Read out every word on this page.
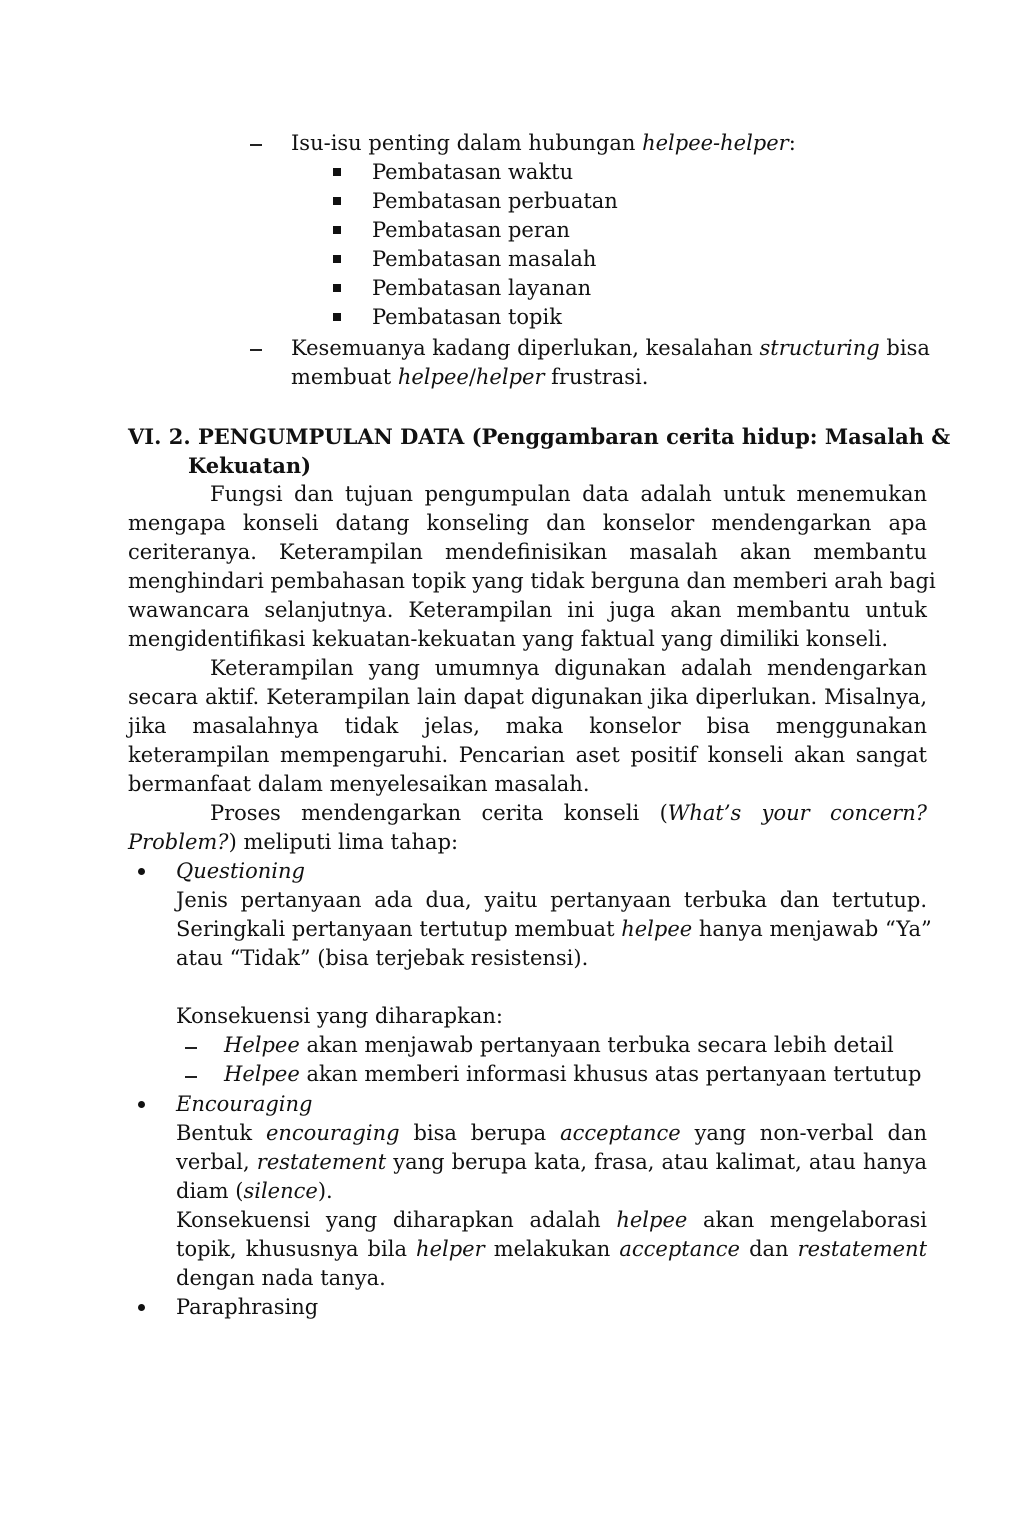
Isu-isu penting dalam hubungan helpee-helper:
Pembatasan waktu
Pembatasan perbuatan
Pembatasan peran
Pembatasan masalah
Pembatasan layanan
Pembatasan topik
Kesemuanya kadang diperlukan, kesalahan structuring bisa
membuat helpee/helper frustrasi.
VI. 2. PENGUMPULAN DATA (Penggambaran cerita hidup: Masalah &
Kekuatan)
Fungsi dan tujuan pengumpulan data adalah untuk menemukan
mengapa konseli datang konseling dan konselor mendengarkan apa
ceriteranya. Keterampilan mendefinisikan masalah akan membantu
menghindari pembahasan topik yang tidak berguna dan memberi arah bagi
wawancara selanjutnya. Keterampilan ini juga akan membantu untuk
mengidentifikasi kekuatan-kekuatan yang faktual yang dimiliki konseli.
Keterampilan yang umumnya digunakan adalah mendengarkan
secara aktif. Keterampilan lain dapat digunakan jika diperlukan. Misalnya,
jika masalahnya tidak jelas, maka konselor bisa menggunakan
keterampilan mempengaruhi. Pencarian aset positif konseli akan sangat
bermanfaat dalam menyelesaikan masalah.
Proses mendengarkan cerita konseli (What’s your concern?
Problem?) meliputi lima tahap:
Questioning
Jenis pertanyaan ada dua, yaitu pertanyaan terbuka dan tertutup.
Seringkali pertanyaan tertutup membuat helpee hanya menjawab “Ya”
atau “Tidak” (bisa terjebak resistensi).
Konsekuensi yang diharapkan:
Helpee akan menjawab pertanyaan terbuka secara lebih detail
Helpee akan memberi informasi khusus atas pertanyaan tertutup
Encouraging
Bentuk encouraging bisa berupa acceptance yang non-verbal dan
verbal, restatement yang berupa kata, frasa, atau kalimat, atau hanya
diam (silence).
Konsekuensi yang diharapkan adalah helpee akan mengelaborasi
topik, khususnya bila helper melakukan acceptance dan restatement
dengan nada tanya.
Paraphrasing
